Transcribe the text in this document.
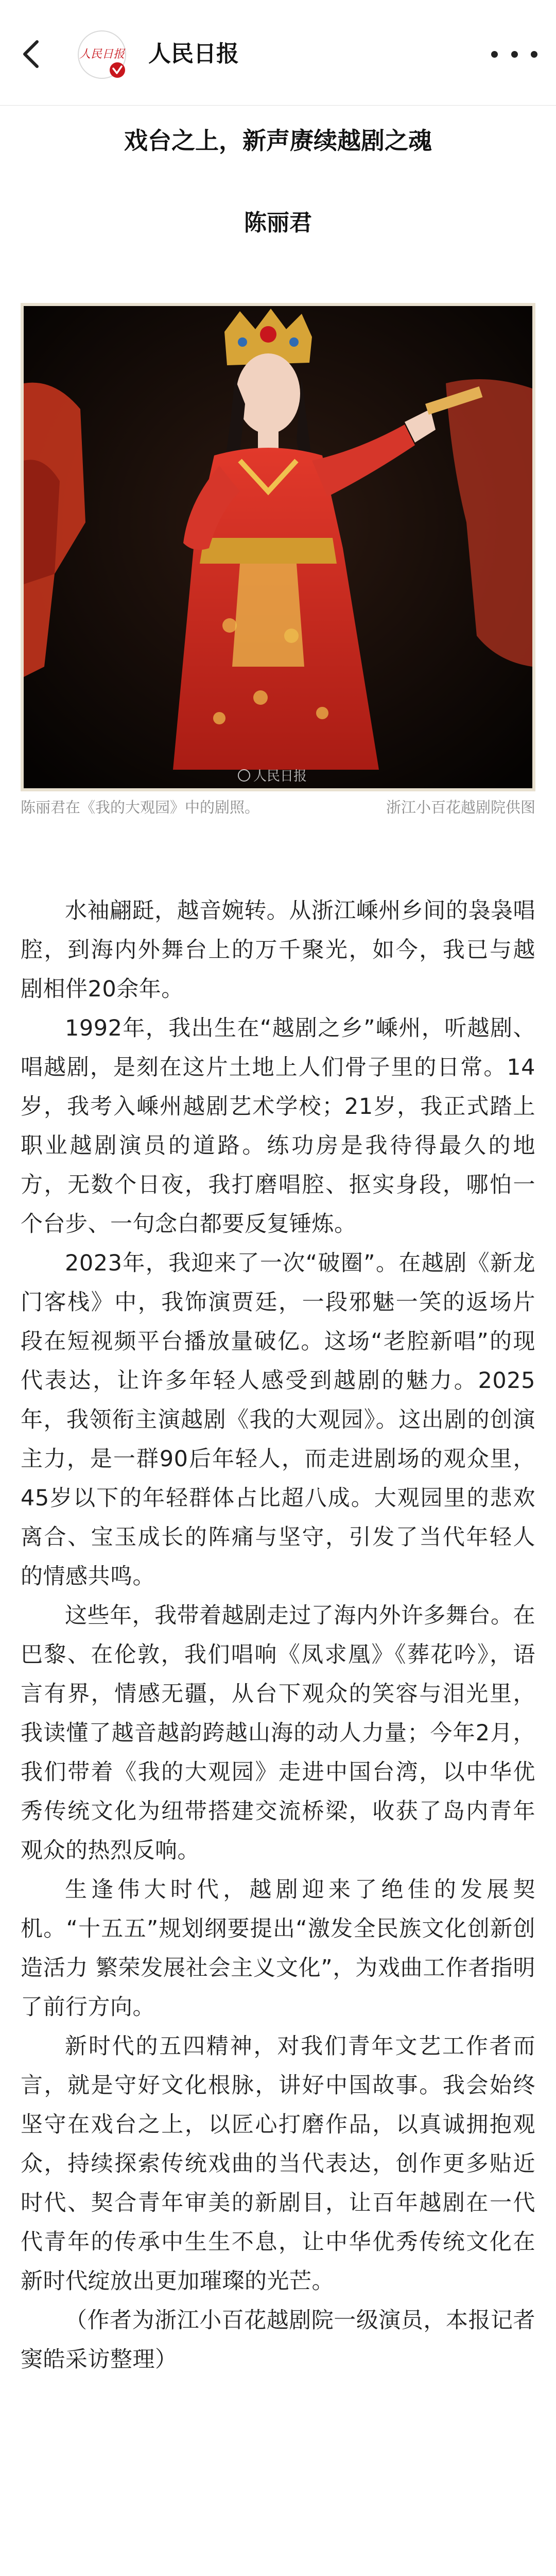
人民日报 人民日报
戏台之上，新声赓续越剧之魂
陈丽君
人民日报
陈丽君在《我的大观园》中的剧照。	浙江小百花越剧院供图

水袖翩跹，越音婉转。从浙江嵊州乡间的袅袅唱腔，到海内外舞台上的万千聚光，如今，我已与越剧相伴20余年。

1992年，我出生在“越剧之乡”嵊州，听越剧、唱越剧，是刻在这片土地上人们骨子里的日常。14岁，我考入嵊州越剧艺术学校；21岁，我正式踏上职业越剧演员的道路。练功房是我待得最久的地方，无数个日夜，我打磨唱腔、抠实身段，哪怕一个台步、一句念白都要反复锤炼。

2023年，我迎来了一次“破圈”。在越剧《新龙门客栈》中，我饰演贾廷，一段邪魅一笑的返场片段在短视频平台播放量破亿。这场“老腔新唱”的现代表达，让许多年轻人感受到越剧的魅力。2025年，我领衔主演越剧《我的大观园》。这出剧的创演主力，是一群90后年轻人，而走进剧场的观众里，45岁以下的年轻群体占比超八成。大观园里的悲欢离合、宝玉成长的阵痛与坚守，引发了当代年轻人的情感共鸣。

这些年，我带着越剧走过了海内外许多舞台。在巴黎、在伦敦，我们唱响《凤求凰》《葬花吟》，语言有界，情感无疆，从台下观众的笑容与泪光里，我读懂了越音越韵跨越山海的动人力量；今年2月，我们带着《我的大观园》走进中国台湾，以中华优秀传统文化为纽带搭建交流桥梁，收获了岛内青年观众的热烈反响。

生逢伟大时代，越剧迎来了绝佳的发展契机。“十五五”规划纲要提出“激发全民族文化创新创造活力 繁荣发展社会主义文化”，为戏曲工作者指明了前行方向。

新时代的五四精神，对我们青年文艺工作者而言，就是守好文化根脉，讲好中国故事。我会始终坚守在戏台之上，以匠心打磨作品，以真诚拥抱观众，持续探索传统戏曲的当代表达，创作更多贴近时代、契合青年审美的新剧目，让百年越剧在一代代青年的传承中生生不息，让中华优秀传统文化在新时代绽放出更加璀璨的光芒。

（作者为浙江小百花越剧院一级演员，本报记者窦皓采访整理）
